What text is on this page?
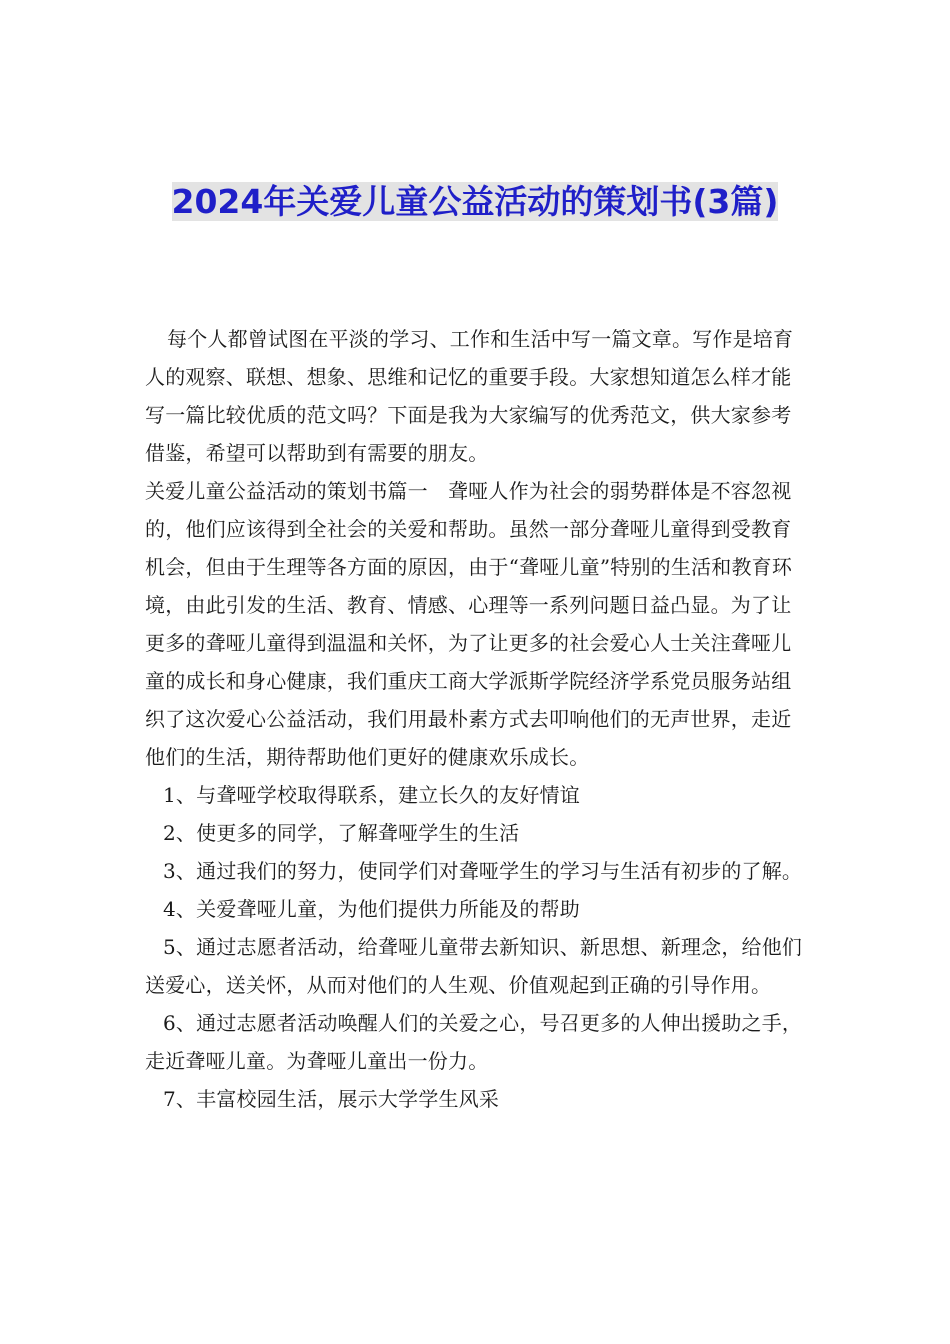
2024年关爱儿童公益活动的策划书(3篇)

每个人都曾试图在平淡的学习、工作和生活中写一篇文章。写作是培育人的观察、联想、想象、思维和记忆的重要手段。大家想知道怎么样才能写一篇比较优质的范文吗？下面是我为大家编写的优秀范文，供大家参考借鉴，希望可以帮助到有需要的朋友。

关爱儿童公益活动的策划书篇一　聋哑人作为社会的弱势群体是不容忽视的，他们应该得到全社会的关爱和帮助。虽然一部分聋哑儿童得到受教育机会，但由于生理等各方面的原因，由于“聋哑儿童”特别的生活和教育环境，由此引发的生活、教育、情感、心理等一系列问题日益凸显。为了让更多的聋哑儿童得到温温和关怀，为了让更多的社会爱心人士关注聋哑儿童的成长和身心健康，我们重庆工商大学派斯学院经济学系党员服务站组织了这次爱心公益活动，我们用最朴素方式去叩响他们的无声世界，走近他们的生活，期待帮助他们更好的健康欢乐成长。

1、与聋哑学校取得联系，建立长久的友好情谊

2、使更多的同学，了解聋哑学生的生活

3、通过我们的努力，使同学们对聋哑学生的学习与生活有初步的了解。

4、关爱聋哑儿童，为他们提供力所能及的帮助

5、通过志愿者活动，给聋哑儿童带去新知识、新思想、新理念，给他们送爱心，送关怀，从而对他们的人生观、价值观起到正确的引导作用。

6、通过志愿者活动唤醒人们的关爱之心，号召更多的人伸出援助之手，走近聋哑儿童。为聋哑儿童出一份力。

7、丰富校园生活，展示大学学生风采
